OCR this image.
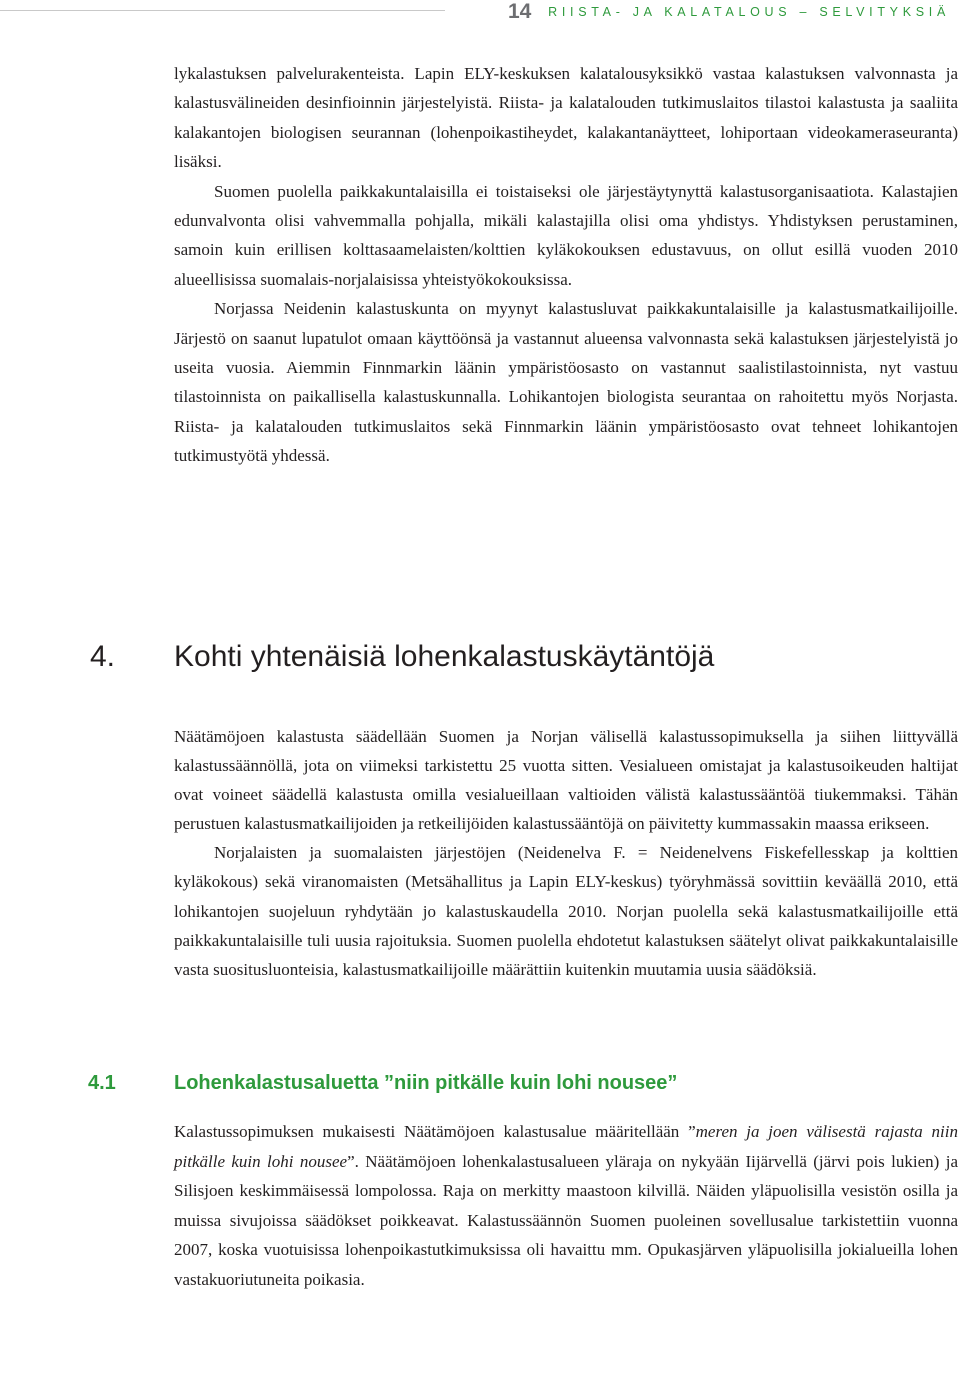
14 RIISTA- JA KALATALOUS – SELVITYKSIÄ

lykalastuksen palvelurakenteista. Lapin ELY-keskuksen kalatalousyksikkö vastaa kalastuksen valvonnasta ja kalastusvälineiden desinfioinnin järjestelyistä. Riista- ja kalatalouden tutkimuslaitos tilastoi kalastusta ja saaliita kalakantojen biologisen seurannan (lohenpoikastiheydet, kalakantanäytteet, lohiportaan videokameraseuranta) lisäksi.

Suomen puolella paikkakuntalaisilla ei toistaiseksi ole järjestäytynyttä kalastusorganisaatiota. Kalastajien edunvalvonta olisi vahvemmalla pohjalla, mikäli kalastajilla olisi oma yhdistys. Yhdistyksen perustaminen, samoin kuin erillisen kolttasaamelaisten/kolttien kyläkokouksen edustavuus, on ollut esillä vuoden 2010 alueellisissa suomalais-norjalaisissa yhteistyökokouksissa.

Norjassa Neidenin kalastuskunta on myynyt kalastusluvat paikkakuntalaisille ja kalastusmatkailijoille. Järjestö on saanut lupatulot omaan käyttöönsä ja vastannut alueensa valvonnasta sekä kalastuksen järjestelyistä jo useita vuosia. Aiemmin Finnmarkin läänin ympäristöosasto on vastannut saalistilastoinnista, nyt vastuu tilastoinnista on paikallisella kalastuskunnalla. Lohikantojen biologista seurantaa on rahoitettu myös Norjasta. Riista- ja kalatalouden tutkimuslaitos sekä Finnmarkin läänin ympäristöosasto ovat tehneet lohikantojen tutkimustyötä yhdessä.

4. Kohti yhtenäisiä lohenkalastuskäytäntöjä

Näätämöjoen kalastusta säädellään Suomen ja Norjan välisellä kalastussopimuksella ja siihen liittyvällä kalastussäännöllä, jota on viimeksi tarkistettu 25 vuotta sitten. Vesialueen omistajat ja kalastusoikeuden haltijat ovat voineet säädellä kalastusta omilla vesialueillaan valtioiden välistä kalastussääntöä tiukemmaksi. Tähän perustuen kalastusmatkailijoiden ja retkeilijöiden kalastussääntöjä on päivitetty kummassakin maassa erikseen.

Norjalaisten ja suomalaisten järjestöjen (Neidenelva F. = Neidenelvens Fiskefellesskap ja kolttien kyläkokous) sekä viranomaisten (Metsähallitus ja Lapin ELY-keskus) työryhmässä sovittiin keväällä 2010, että lohikantojen suojeluun ryhdytään jo kalastuskaudella 2010. Norjan puolella sekä kalastusmatkailijoille että paikkakuntalaisille tuli uusia rajoituksia. Suomen puolella ehdotetut kalastuksen säätelyt olivat paikkakuntalaisille vasta suositusluonteisia, kalastusmatkailijoille määrättiin kuitenkin muutamia uusia säädöksiä.

4.1	Lohenkalastusaluetta ”niin pitkälle kuin lohi nousee”

Kalastussopimuksen mukaisesti Näätämöjoen kalastusalue määritellään ”meren ja joen välisestä rajasta niin pitkälle kuin lohi nousee”. Näätämöjoen lohenkalastusalueen yläraja on nykyään Iijärvellä (järvi pois lukien) ja Silisjoen keskimmäisessä lompolossa. Raja on merkitty maastoon kilvillä. Näiden yläpuolisilla vesistön osilla ja muissa sivujoissa säädökset poikkeavat. Kalastussäännön Suomen puoleinen sovellusalue tarkistettiin vuonna 2007, koska vuotuisissa lohenpoikastutkimuksissa oli havaittu mm. Opukasjärven yläpuolisilla jokialueilla lohen vastakuoriutuneita poikasia.
